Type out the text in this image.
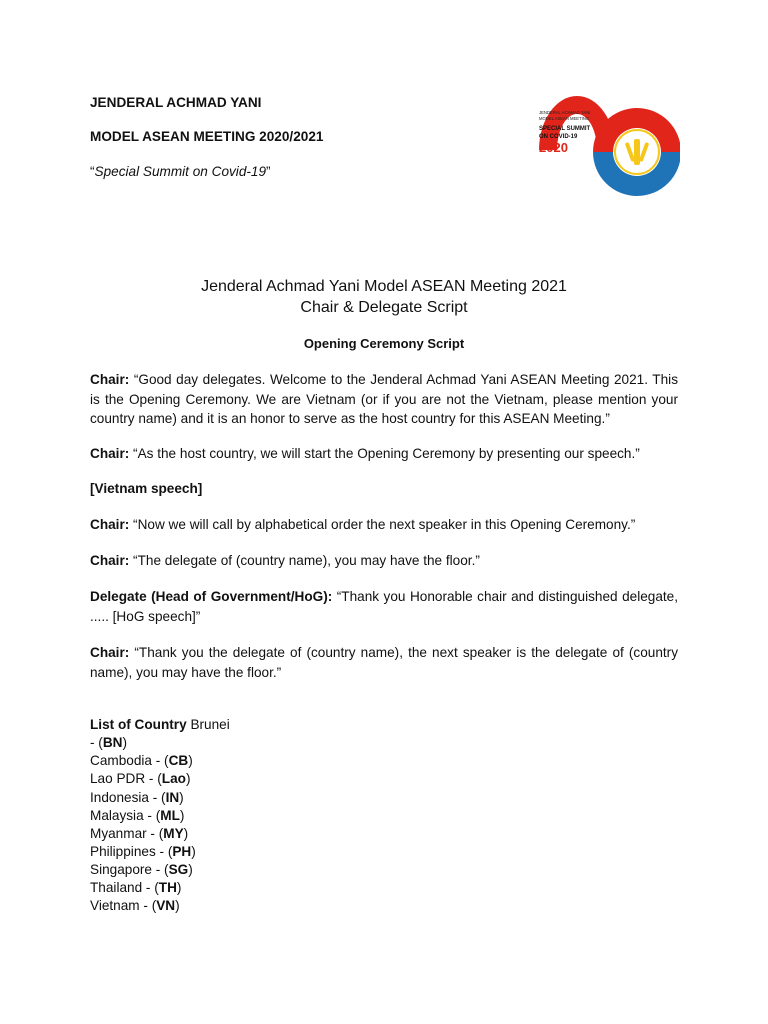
JENDERAL ACHMAD YANI
MODEL ASEAN MEETING 2020/2021
“Special Summit on Covid-19”
JENDERAL ACHMAD YANI
MODEL ASEAN MEETING
SPECIAL SUMMIT
ON COVID-19
2020
Jenderal Achmad Yani Model ASEAN Meeting 2021
Chair & Delegate Script
Opening Ceremony Script
Chair: “Good day delegates. Welcome to the Jenderal Achmad Yani ASEAN Meeting 2021. This is the Opening Ceremony. We are Vietnam (or if you are not the Vietnam, please mention your country name) and it is an honor to serve as the host country for this ASEAN Meeting.”
Chair: “As the host country, we will start the Opening Ceremony by presenting our speech.”
[Vietnam speech]
Chair: “Now we will call by alphabetical order the next speaker in this Opening Ceremony.”
Chair: “The delegate of (country name), you may have the floor.”
Delegate (Head of Government/HoG): “Thank you Honorable chair and distinguished delegate, ..... [HoG speech]”
Chair: “Thank you the delegate of (country name), the next speaker is the delegate of (country name), you may have the floor.”
List of Country Brunei
- (BN)
Cambodia - (CB)
Lao PDR - (Lao)
Indonesia - (IN)
Malaysia - (ML)
Myanmar - (MY)
Philippines - (PH)
Singapore - (SG)
Thailand - (TH)
Vietnam - (VN)
